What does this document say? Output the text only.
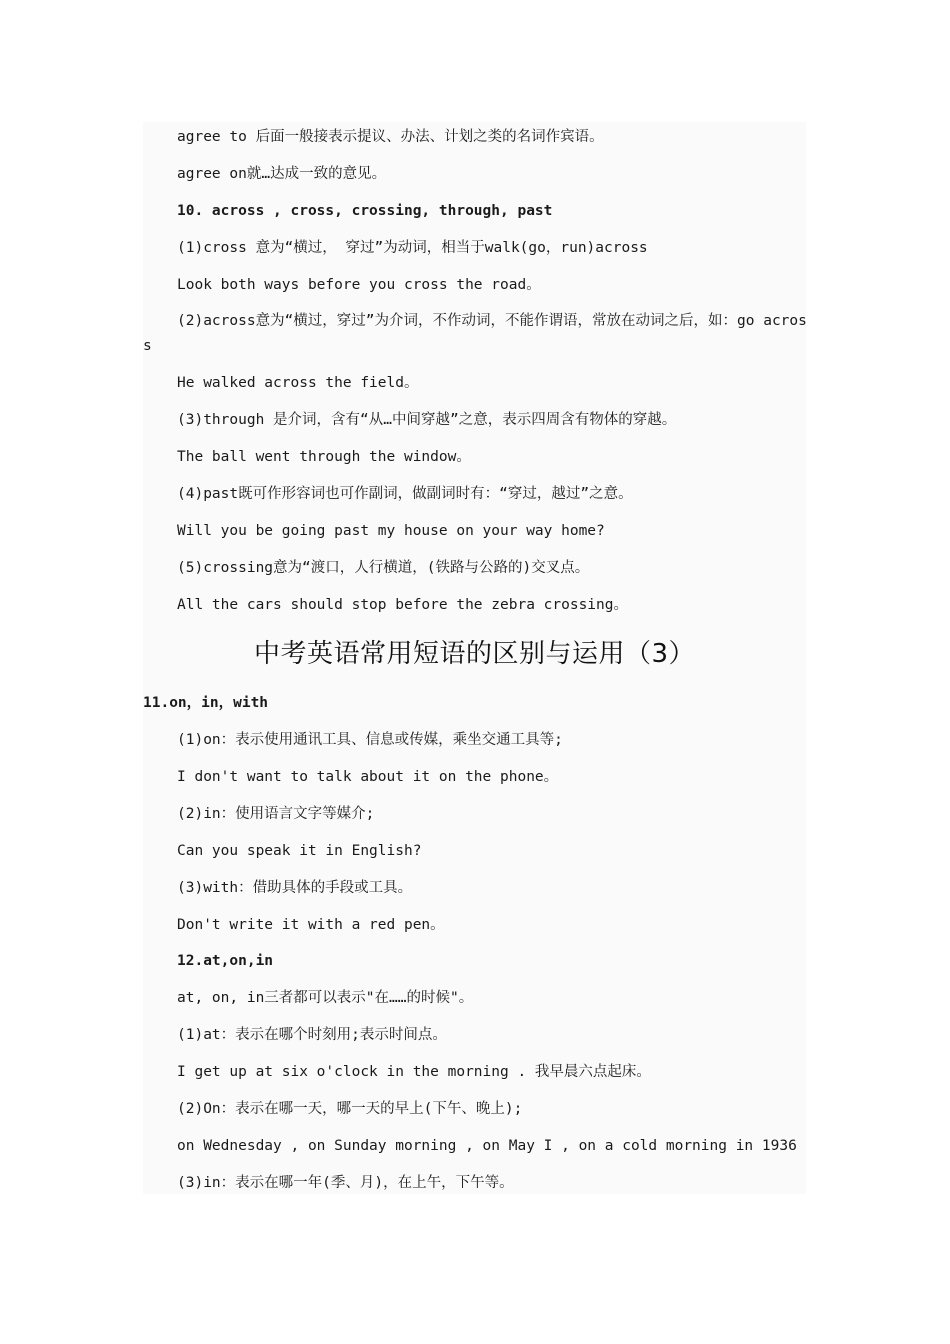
agree to 后面一般接表示提议、办法、计划之类的名词作宾语。
agree on就…达成一致的意见。
10. across , cross, crossing, through, past
(1)cross 意为“横过， 穿过”为动词，相当于walk(go，run)across
Look both ways before you cross the road。
(2)across意为“横过，穿过”为介词，不作动词，不能作谓语，常放在动词之后，如：go across
He walked across the field。
(3)through 是介词，含有“从…中间穿越”之意，表示四周含有物体的穿越。
The ball went through the window。
(4)past既可作形容词也可作副词，做副词时有：“穿过，越过”之意。
Will you be going past my house on your way home?
(5)crossing意为“渡口，人行横道，(铁路与公路的)交叉点。
All the cars should stop before the zebra crossing。
中考英语常用短语的区别与运用（3）
11.on，in，with
(1)on：表示使用通讯工具、信息或传媒，乘坐交通工具等;
I don't want to talk about it on the phone。
(2)in：使用语言文字等媒介;
Can you speak it in English?
(3)with：借助具体的手段或工具。
Don't write it with a red pen。
12.at,on,in
at, on, in三者都可以表示"在……的时候"。
(1)at：表示在哪个时刻用;表示时间点。
I get up at six o'clock in the morning . 我早晨六点起床。
(2)On：表示在哪一天，哪一天的早上(下午、晚上);
on Wednesday , on Sunday morning , on May I , on a cold morning in 1936
(3)in：表示在哪一年(季、月)，在上午，下午等。
